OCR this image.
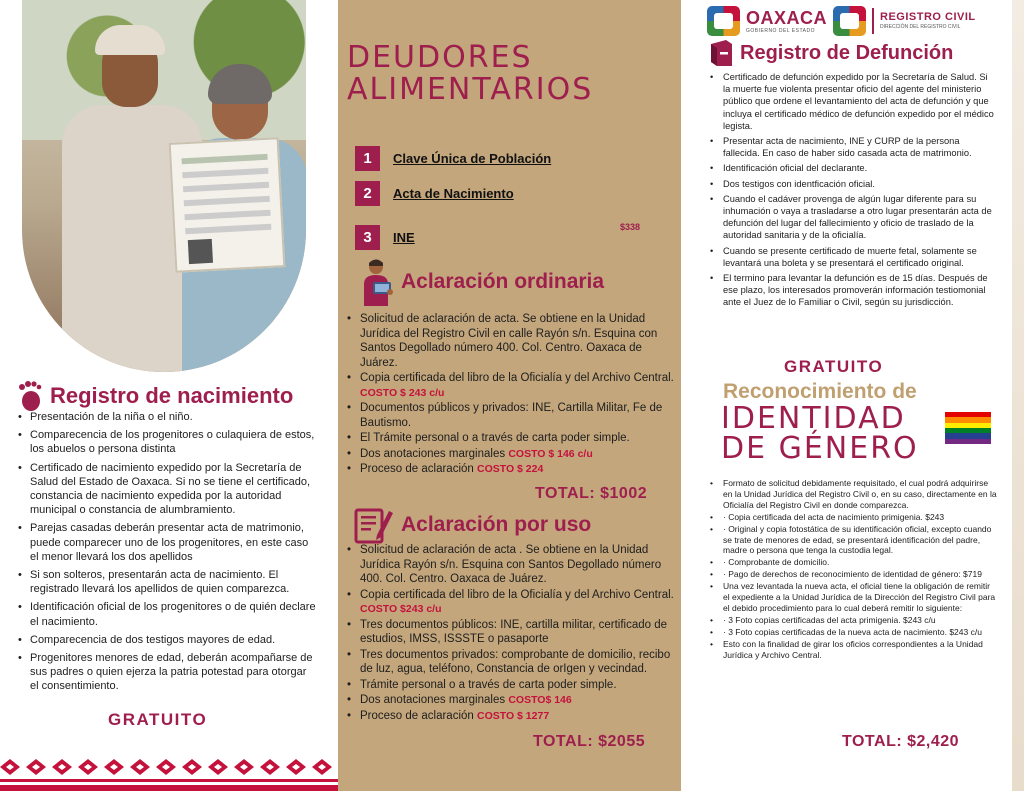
Registro de nacimiento
• Presentación de la niña o el niño.
• Comparecencia de los progenitores o culaquiera de estos, los abuelos o persona distinta
• Certificado de nacimiento expedido por la Secretaría de Salud del Estado de Oaxaca. Si no se tiene el certificado, constancia de nacimiento expedida por la autoridad municipal o constancia de alumbramiento.
• Parejas casadas deberán presentar acta de matrimonio, puede comparecer uno de los progenitores, en este caso el menor llevará los dos apellidos
• Si son solteros, presentarán acta de nacimiento. El registrado llevará los apellidos de quien comparezca.
• Identificación oficial de los progenitores o de quién declare el nacimiento.
• Comparecencia de dos testigos mayores de edad.
• Progenitores menores de edad, deberán acompañarse de sus padres o quien ejerza la patria potestad para otorgar el consentimiento.
GRATUITO
DEUDORES
ALIMENTARIOS
1	Clave Única de Población
2	Acta de Nacimiento
3	INE
$338
Aclaración ordinaria
• Solicitud de aclaración de acta. Se obtiene en la Unidad Jurídica del Registro Civil en calle Rayón s/n. Esquina con Santos Degollado número 400. Col. Centro. Oaxaca de Juárez.
• Copia certificada del libro de la Oficialía y del Archivo Central. COSTO $ 243 c/u
• Documentos públicos y privados: INE, Cartilla Militar, Fe de Bautismo.
• El Trámite personal o a través de carta poder simple.
• Dos anotaciones marginales COSTO $ 146 c/u
• Proceso de aclaración COSTO $ 224
TOTAL: $1002
Aclaración por uso
• Solicitud de aclaración de acta . Se obtiene en la Unidad Jurídica Rayón s/n. Esquina con Santos Degollado número 400. Col. Centro. Oaxaca de Juárez.
• Copia certificada del libro de la Oficialía y del Archivo Central. COSTO $243 c/u
• Tres documentos públicos: INE, cartilla militar, certificado de estudios, IMSS, ISSSTE o pasaporte
• Tres documentos privados: comprobante de domicilio, recibo de luz, agua, teléfono, Constancia de orIgen y vecindad.
• Trámite personal o a través de carta poder simple.
• Dos anotaciones marginales COSTO$ 146
• Proceso de aclaración COSTO $ 1277
TOTAL: $2055
OAXACA
GOBIERNO DEL ESTADO
REGISTRO CIVIL
DIRECCIÓN DEL REGISTRO CIVIL
Registro de Defunción
• Certificado de defunción expedido por la Secretaría de Salud. Si la muerte fue violenta presentar oficio del agente del ministerio público que ordene el levantamiento del acta de defunción y que incluya el certificado médico de defunción expedido por el médico legista.
• Presentar acta de nacimiento, INE y CURP de la persona fallecida. En caso de haber sido casada acta de matrimonio.
• Identificación oficial del declarante.
• Dos testigos con identficación oficial.
• Cuando el cadáver provenga de algún lugar diferente para su inhumación o vaya a trasladarse a otro lugar presentarán acta de defunción del lugar del fallecimiento y oficio de traslado de la autoridad sanitaria y de la oficialía.
• Cuando se presente certificado de muerte fetal, solamente se levantará una boleta y se presentará el certificado original.
• El termino para levantar la defunción es de 15 días. Después de ese plazo, los interesados promoverán información testiomonial ante el Juez de lo Familiar o Civil, según su jurisdicción.
GRATUITO
Reconocimiento de
IDENTIDAD
DE GÉNERO
• Formato de solicitud debidamente requisitado, el cual podrá adquirirse en la Unidad Jurídica del Registro Civil o, en su caso, directamente en la Oficialía del Registro Civil en donde comparezca.
• · Copia certificada del acta de nacimiento primigenia. $243
• · Original y copia fotostática de su identificación oficial, excepto cuando se trate de menores de edad, se presentará identificación del padre, madre o persona que tenga la custodia legal.
• · Comprobante de domicilio.
• · Pago de derechos de reconocimiento de identidad de género: $719
• Una vez levantada la nueva acta, el oficial tiene la obligación de remitir el expediente a la Unidad Jurídica de la Dirección del Registro Civil para el debido procedimiento para lo cual deberá remitir lo siguiente:
• · 3 Foto copias certificadas del acta primigenia. $243 c/u
• · 3 Foto copias certificadas de la nueva acta de nacimiento. $243 c/u
• Esto con la finalidad de girar los oficios correspondientes a la Unidad Jurídica y Archivo Central.
TOTAL: $2,420
